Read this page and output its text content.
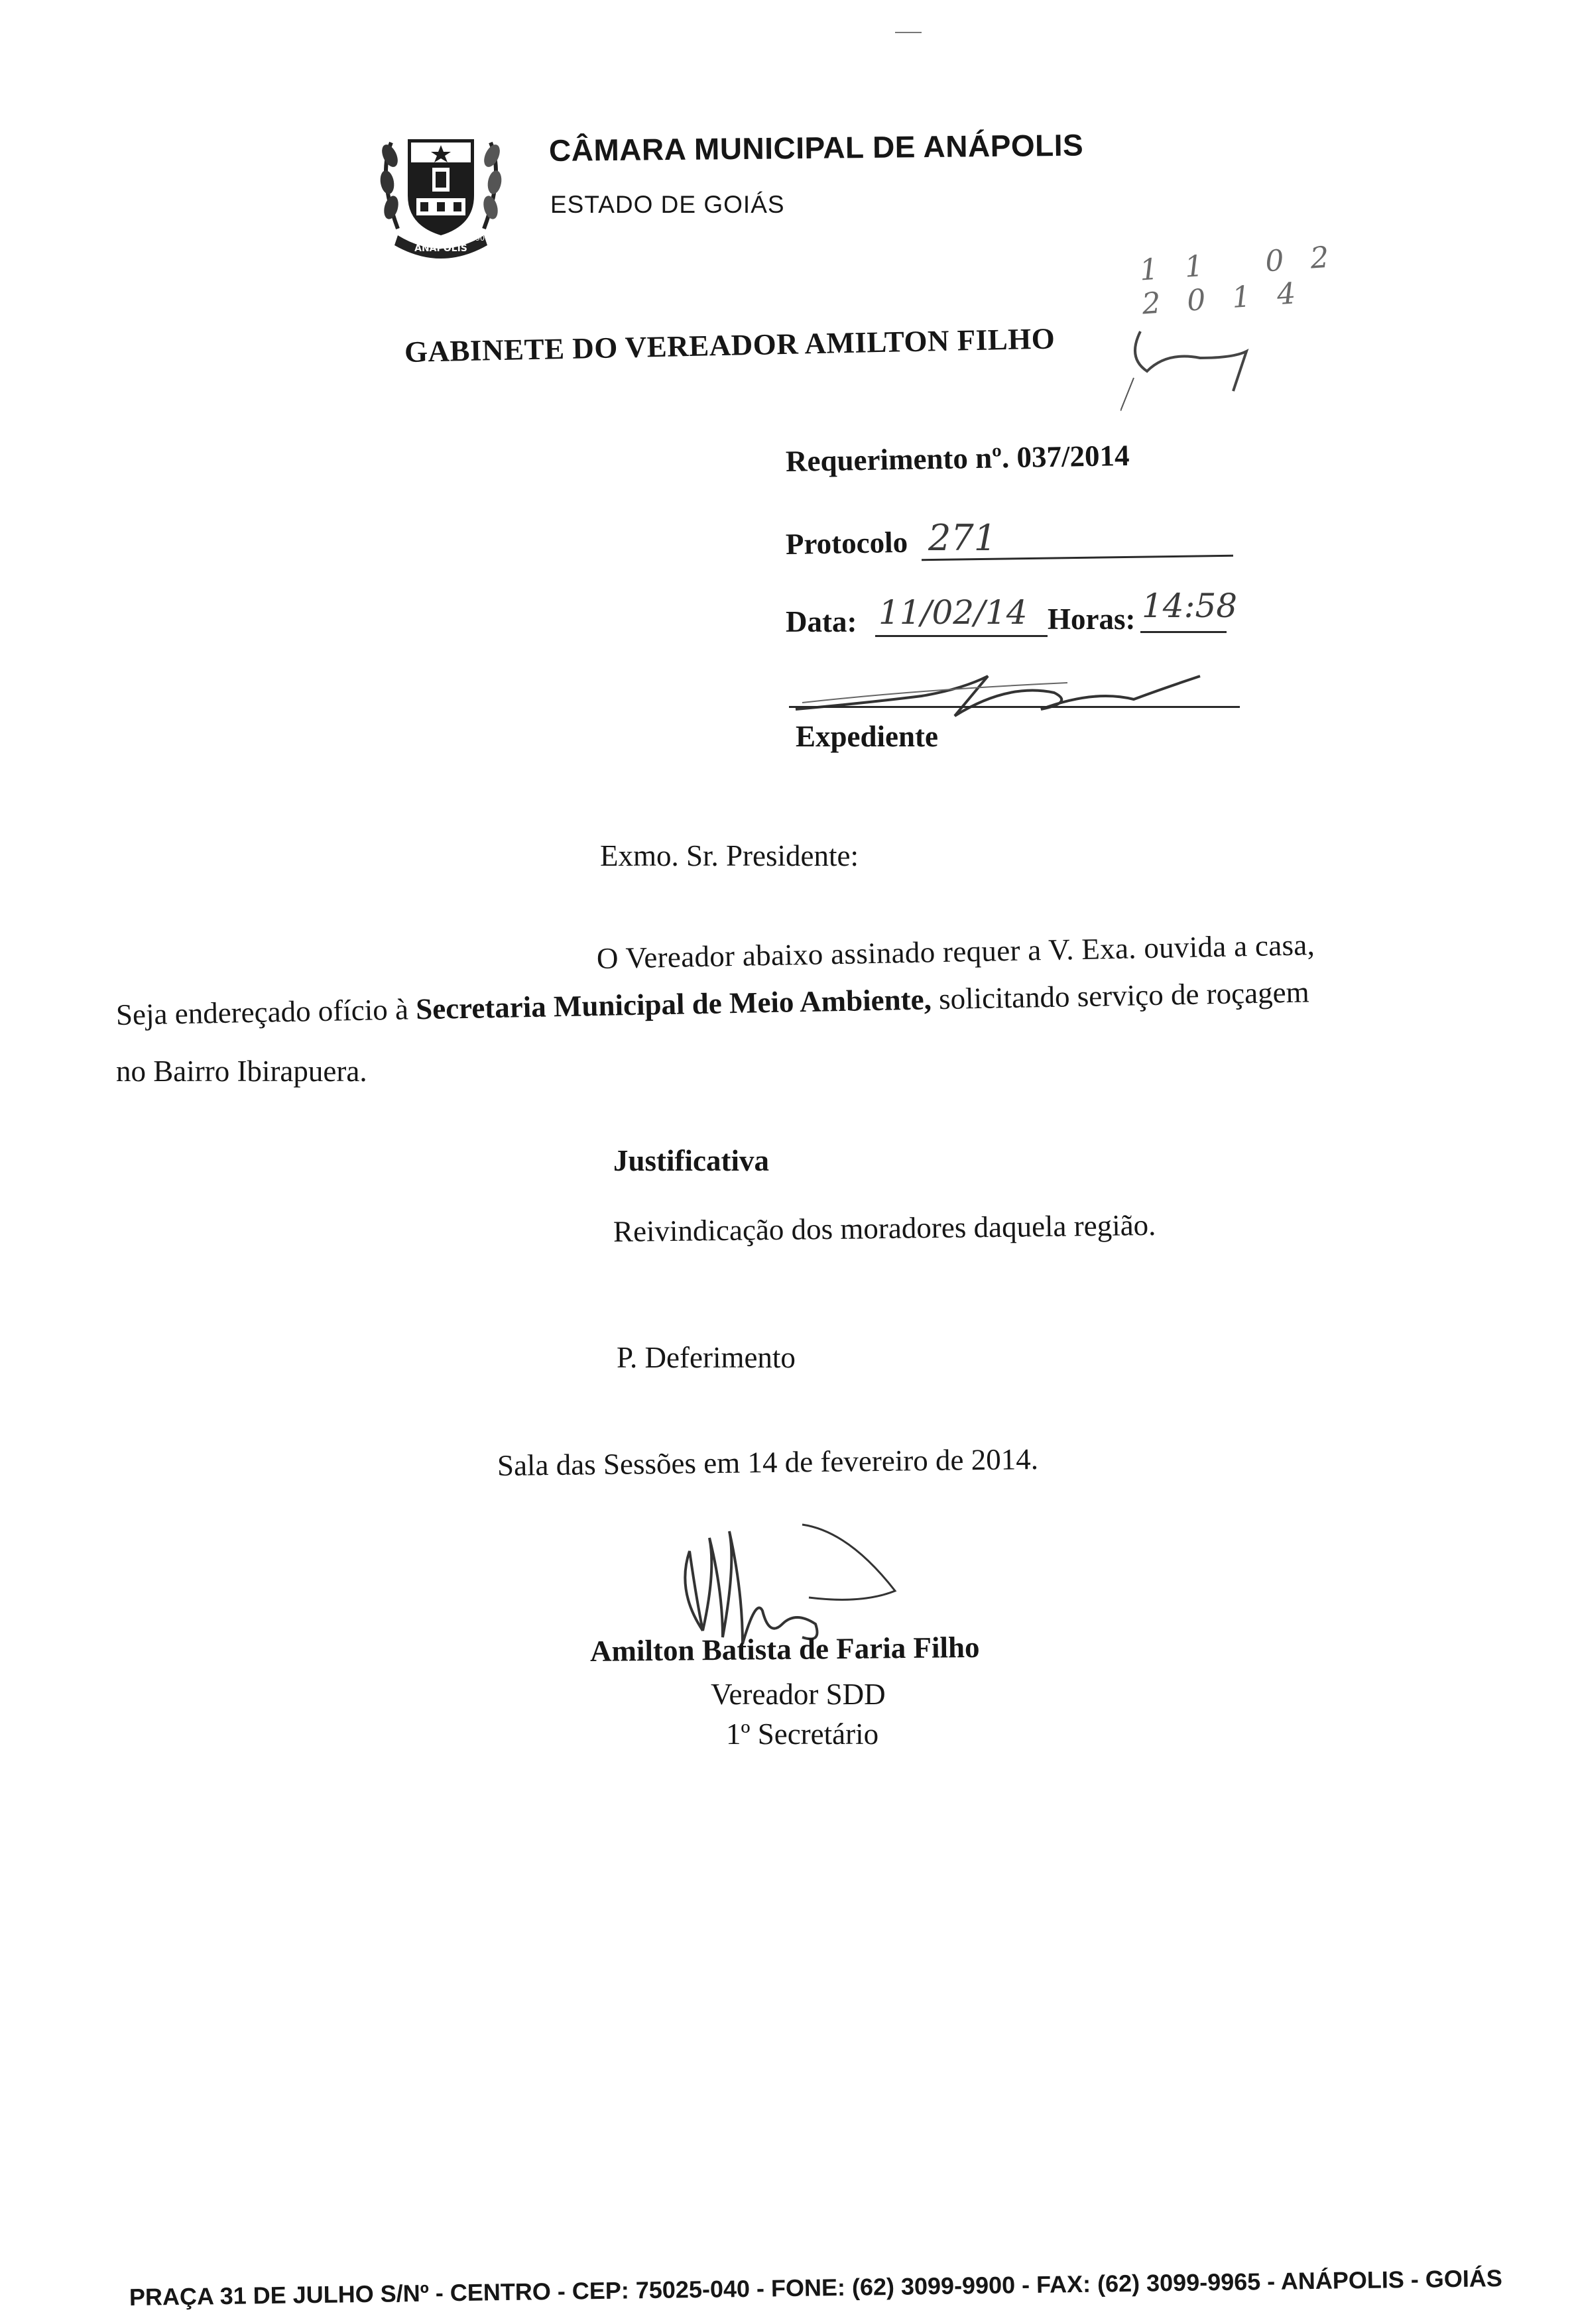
ANÁPOLIS
1907
CÂMARA MUNICIPAL DE ANÁPOLIS
ESTADO DE GOIÁS
11 02 2014
GABINETE DO VEREADOR AMILTON FILHO
Requerimento nº. 037/2014
Protocolo 271
Data: 11/02/14 Horas: 14:58
Expediente
Exmo. Sr. Presidente:
O Vereador abaixo assinado requer a V. Exa. ouvida a casa,
Seja endereçado ofício à Secretaria Municipal de Meio Ambiente, solicitando serviço de roçagem
no Bairro Ibirapuera.
Justificativa
Reivindicação dos moradores daquela região.
P. Deferimento
Sala das Sessões em 14 de fevereiro de 2014.
Amilton Batista de Faria Filho
Vereador SDD
1º Secretário
PRAÇA 31 DE JULHO S/Nº - CENTRO - CEP: 75025-040 - FONE: (62) 3099-9900 - FAX: (62) 3099-9965 - ANÁPOLIS - GOIÁS
